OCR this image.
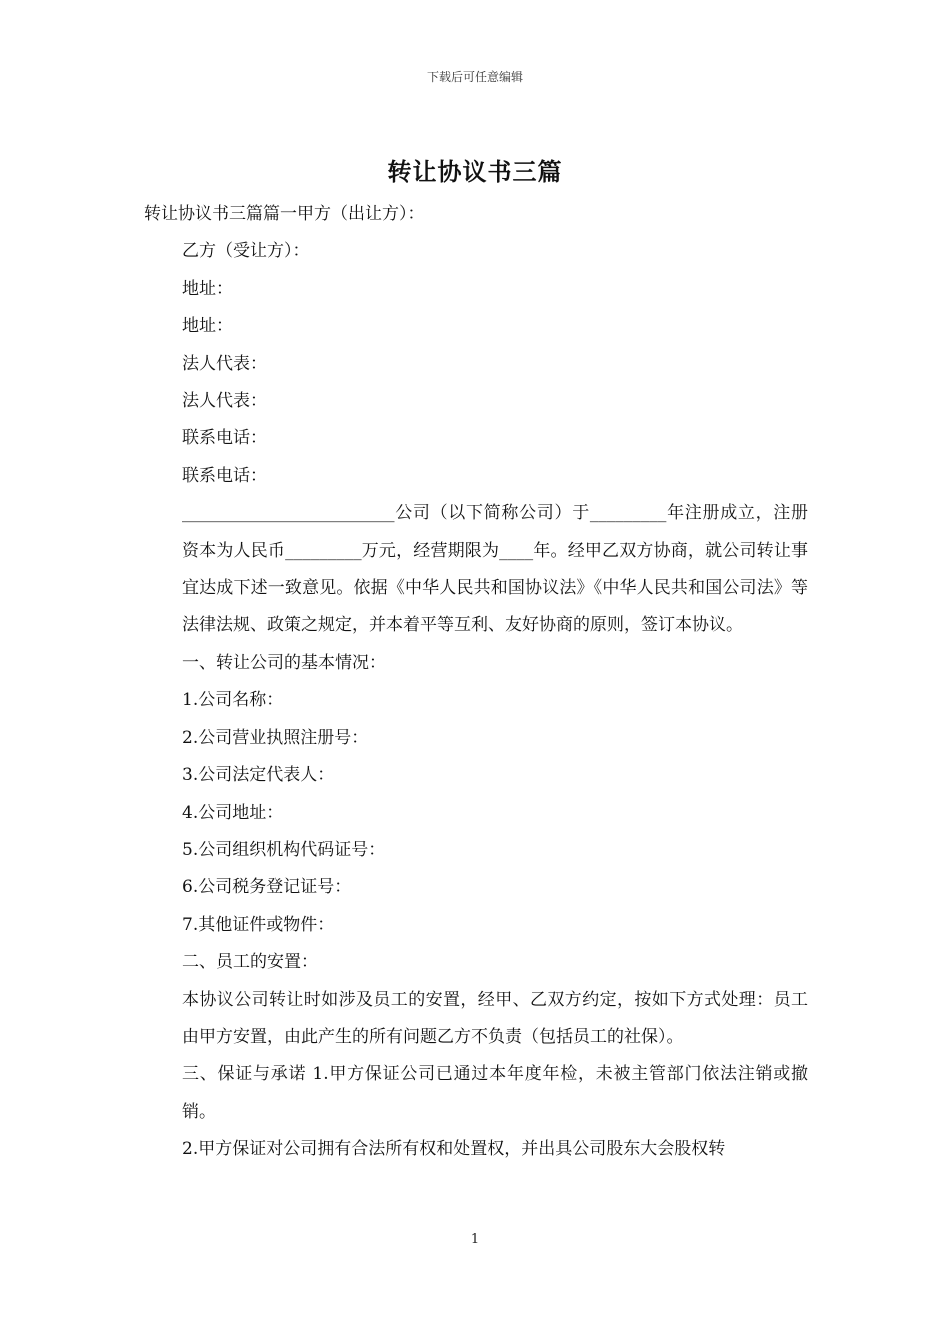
下载后可任意编辑
转让协议书三篇

转让协议书三篇篇一甲方（出让方）：

乙方（受让方）：

地址：

地址：

法人代表：

法人代表：

联系电话：

联系电话：

_________________________公司（以下简称公司）于_________年注册成立，注册资本为人民币_________万元，经营期限为____年。经甲乙双方协商，就公司转让事宜达成下述一致意见。依据《中华人民共和国协议法》《中华人民共和国公司法》等法律法规、政策之规定，并本着平等互利、友好协商的原则，签订本协议。

一、转让公司的基本情况：

1.公司名称：

2.公司营业执照注册号：

3.公司法定代表人：

4.公司地址：

5.公司组织机构代码证号：

6.公司税务登记证号：

7.其他证件或物件：

二、员工的安置：

本协议公司转让时如涉及员工的安置，经甲、乙双方约定，按如下方式处理：员工由甲方安置，由此产生的所有问题乙方不负责（包括员工的社保）。

三、保证与承诺 1.甲方保证公司已通过本年度年检，未被主管部门依法注销或撤销。

2.甲方保证对公司拥有合法所有权和处置权，并出具公司股东大会股权转

1
